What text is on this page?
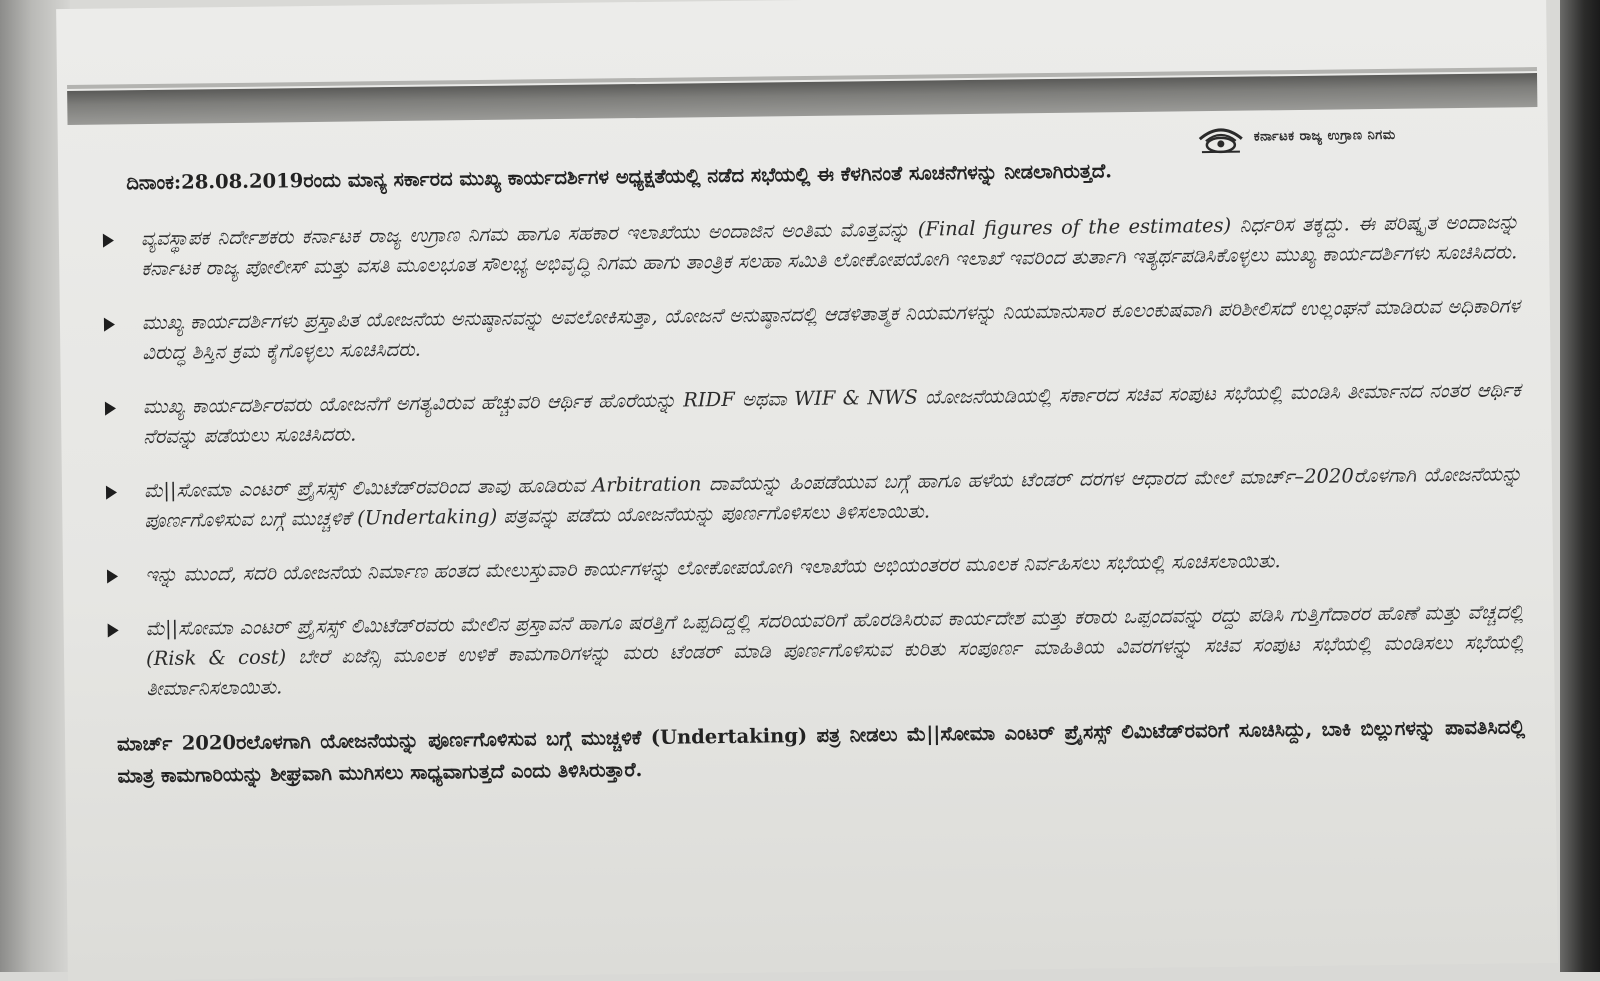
ಕರ್ನಾಟಕ ರಾಜ್ಯ ಉಗ್ರಾಣ ನಿಗಮ

ದಿನಾಂಕ:28.08.2019ರಂದು ಮಾನ್ಯ ಸರ್ಕಾರದ ಮುಖ್ಯ ಕಾರ್ಯದರ್ಶಿಗಳ ಅಧ್ಯಕ್ಷತೆಯಲ್ಲಿ ನಡೆದ ಸಭೆಯಲ್ಲಿ ಈ ಕೆಳಗಿನಂತೆ ಸೂಚನೆಗಳನ್ನು ನೀಡಲಾಗಿರುತ್ತದೆ.

ವ್ಯವಸ್ಥಾಪಕ ನಿರ್ದೇಶಕರು ಕರ್ನಾಟಕ ರಾಜ್ಯ ಉಗ್ರಾಣ ನಿಗಮ ಹಾಗೂ ಸಹಕಾರ ಇಲಾಖೆಯು ಅಂದಾಜಿನ ಅಂತಿಮ ಮೊತ್ತವನ್ನು (Final figures of the estimates) ನಿರ್ಧರಿಸ ತಕ್ಕದ್ದು. ಈ ಪರಿಷ್ಕೃತ ಅಂದಾಜನ್ನು ಕರ್ನಾಟಕ ರಾಜ್ಯ ಪೋಲೀಸ್ ಮತ್ತು ವಸತಿ ಮೂಲಭೂತ ಸೌಲಭ್ಯ ಅಭಿವೃದ್ಧಿ ನಿಗಮ ಹಾಗು ತಾಂತ್ರಿಕ ಸಲಹಾ ಸಮಿತಿ ಲೋಕೋಪಯೋಗಿ ಇಲಾಖೆ ಇವರಿಂದ ತುರ್ತಾಗಿ ಇತ್ಯರ್ಥಪಡಿಸಿಕೊಳ್ಳಲು ಮುಖ್ಯ ಕಾರ್ಯದರ್ಶಿಗಳು ಸೂಚಿಸಿದರು.
ಮುಖ್ಯ ಕಾರ್ಯದರ್ಶಿಗಳು ಪ್ರಸ್ತಾಪಿತ ಯೋಜನೆಯ ಅನುಷ್ಠಾನವನ್ನು ಅವಲೋಕಿಸುತ್ತಾ, ಯೋಜನೆ ಅನುಷ್ಠಾನದಲ್ಲಿ ಆಡಳಿತಾತ್ಮಕ ನಿಯಮಗಳನ್ನು ನಿಯಮಾನುಸಾರ ಕೂಲಂಕುಷವಾಗಿ ಪರಿಶೀಲಿಸದೆ ಉಲ್ಲಂಘನೆ ಮಾಡಿರುವ ಅಧಿಕಾರಿಗಳ ವಿರುದ್ಧ ಶಿಸ್ತಿನ ಕ್ರಮ ಕೈಗೊಳ್ಳಲು ಸೂಚಿಸಿದರು.
ಮುಖ್ಯ ಕಾರ್ಯದರ್ಶಿರವರು ಯೋಜನೆಗೆ ಅಗತ್ಯವಿರುವ ಹೆಚ್ಚುವರಿ ಆರ್ಥಿಕ ಹೊರೆಯನ್ನು RIDF ಅಥವಾ WIF & NWS ಯೋಜನೆಯಡಿಯಲ್ಲಿ ಸರ್ಕಾರದ ಸಚಿವ ಸಂಪುಟ ಸಭೆಯಲ್ಲಿ ಮಂಡಿಸಿ ತೀರ್ಮಾನದ ನಂತರ ಆರ್ಥಿಕ ನೆರವನ್ನು ಪಡೆಯಲು ಸೂಚಿಸಿದರು.
ಮೆ||ಸೋಮಾ ಎಂಟರ್ ಪ್ರೈಸಸ್ಸ್ ಲಿಮಿಟೆಡ್‌ರವರಿಂದ ತಾವು ಹೂಡಿರುವ Arbitration ದಾವೆಯನ್ನು ಹಿಂಪಡೆಯುವ ಬಗ್ಗೆ ಹಾಗೂ ಹಳೆಯ ಟೆಂಡರ್ ದರಗಳ ಆಧಾರದ ಮೇಲೆ ಮಾರ್ಚ್–2020ರೊಳಗಾಗಿ ಯೋಜನೆಯನ್ನು ಪೂರ್ಣಗೊಳಿಸುವ ಬಗ್ಗೆ ಮುಚ್ಚಳಿಕೆ (Undertaking) ಪತ್ರವನ್ನು ಪಡೆದು ಯೋಜನೆಯನ್ನು ಪೂರ್ಣಗೊಳಿಸಲು ತಿಳಿಸಲಾಯಿತು.
ಇನ್ನು ಮುಂದೆ, ಸದರಿ ಯೋಜನೆಯ ನಿರ್ಮಾಣ ಹಂತದ ಮೇಲುಸ್ತುವಾರಿ ಕಾರ್ಯಗಳನ್ನು ಲೋಕೋಪಯೋಗಿ ಇಲಾಖೆಯ ಅಭಿಯಂತರರ ಮೂಲಕ ನಿರ್ವಹಿಸಲು ಸಭೆಯಲ್ಲಿ ಸೂಚಿಸಲಾಯಿತು.
ಮೆ||ಸೋಮಾ ಎಂಟರ್ ಪ್ರೈಸಸ್ಸ್ ಲಿಮಿಟೆಡ್‌ರವರು ಮೇಲಿನ ಪ್ರಸ್ತಾವನೆ ಹಾಗೂ ಷರತ್ತಿಗೆ ಒಪ್ಪದಿದ್ದಲ್ಲಿ ಸದರಿಯವರಿಗೆ ಹೊರಡಿಸಿರುವ ಕಾರ್ಯದೇಶ ಮತ್ತು ಕರಾರು ಒಪ್ಪಂದವನ್ನು ರದ್ದು ಪಡಿಸಿ ಗುತ್ತಿಗೆದಾರರ ಹೊಣೆ ಮತ್ತು ವೆಚ್ಚದಲ್ಲಿ (Risk & cost) ಬೇರೆ ಏಜೆನ್ಸಿ ಮೂಲಕ ಉಳಿಕೆ ಕಾಮಗಾರಿಗಳನ್ನು ಮರು ಟೆಂಡರ್ ಮಾಡಿ ಪೂರ್ಣಗೊಳಿಸುವ ಕುರಿತು ಸಂಪೂರ್ಣ ಮಾಹಿತಿಯ ವಿವರಗಳನ್ನು ಸಚಿವ ಸಂಪುಟ ಸಭೆಯಲ್ಲಿ ಮಂಡಿಸಲು ಸಭೆಯಲ್ಲಿ ತೀರ್ಮಾನಿಸಲಾಯಿತು.

ಮಾರ್ಚ್ 2020ರಲೊಳಗಾಗಿ ಯೋಜನೆಯನ್ನು ಪೂರ್ಣಗೊಳಿಸುವ ಬಗ್ಗೆ ಮುಚ್ಚಳಿಕೆ (Undertaking) ಪತ್ರ ನೀಡಲು ಮೆ||ಸೋಮಾ ಎಂಟರ್ ಪ್ರೈಸಸ್ಸ್ ಲಿಮಿಟೆಡ್‌ರವರಿಗೆ ಸೂಚಿಸಿದ್ದು, ಬಾಕಿ ಬಿಲ್ಲುಗಳನ್ನು ಪಾವತಿಸಿದಲ್ಲಿ ಮಾತ್ರ ಕಾಮಗಾರಿಯನ್ನು ಶೀಘ್ರವಾಗಿ ಮುಗಿಸಲು ಸಾಧ್ಯವಾಗುತ್ತದೆ ಎಂದು ತಿಳಿಸಿರುತ್ತಾರೆ.
